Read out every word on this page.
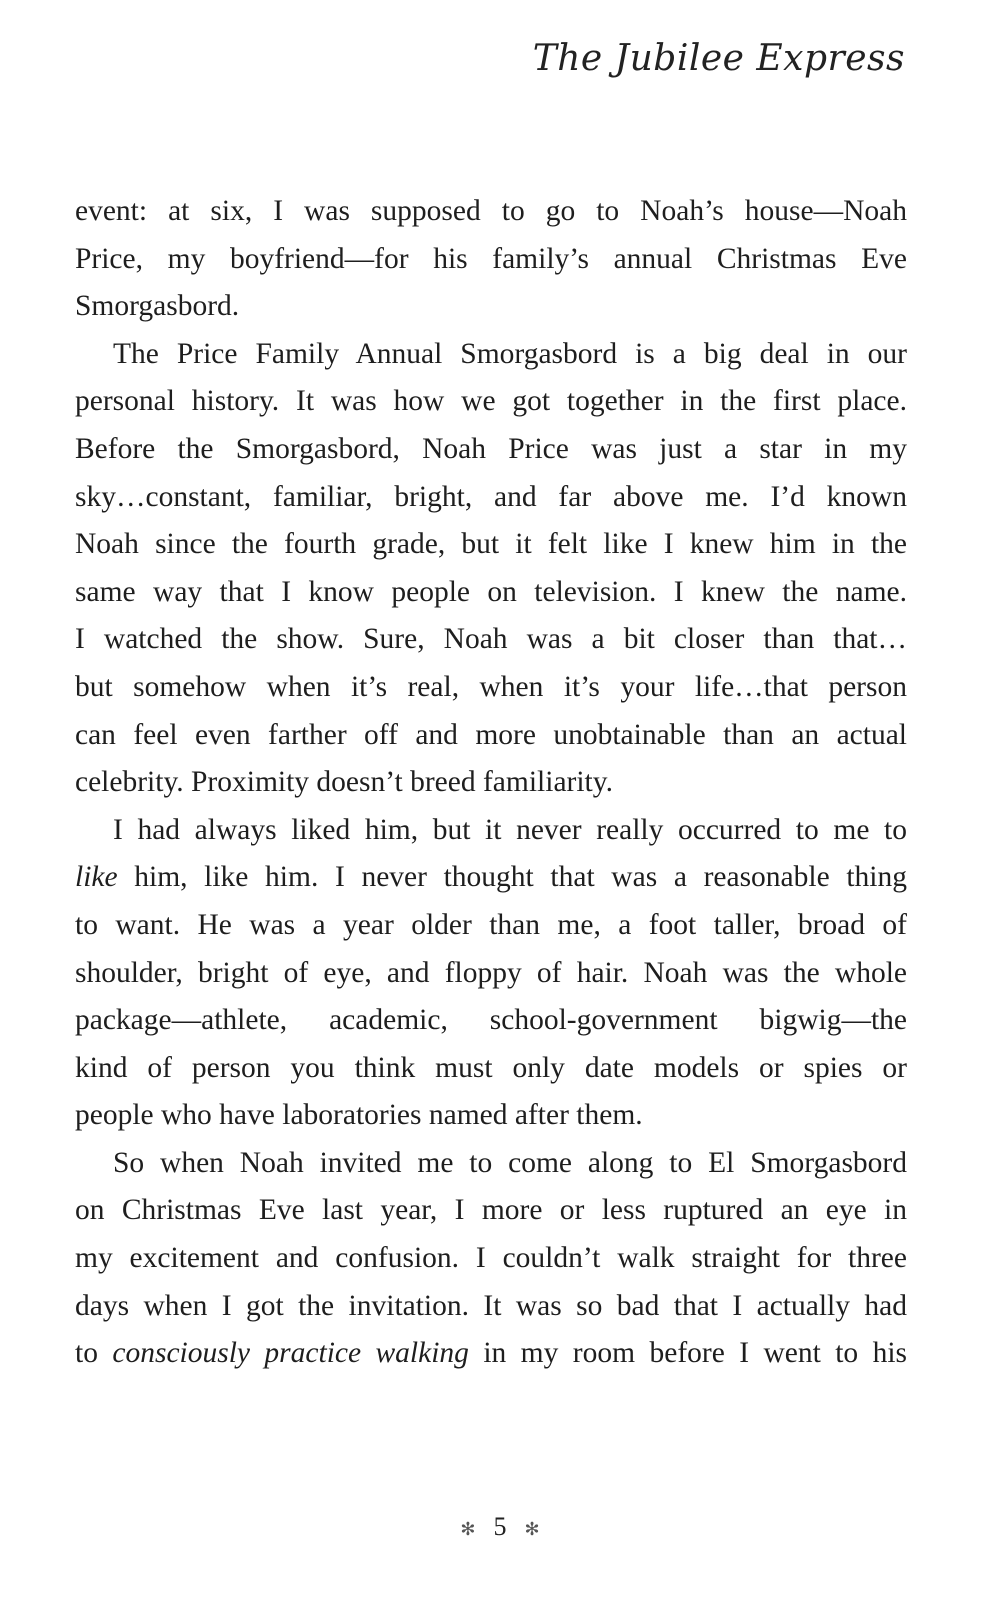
The Jubilee Express
event: at six, I was supposed to go to Noah’s house—Noah
Price, my boyfriend—for his family’s annual Christmas Eve
Smorgasbord.
The Price Family Annual Smorgasbord is a big deal in our
personal history. It was how we got together in the first place.
Before the Smorgasbord, Noah Price was just a star in my
sky…constant, familiar, bright, and far above me. I’d known
Noah since the fourth grade, but it felt like I knew him in the
same way that I know people on television. I knew the name.
I watched the show. Sure, Noah was a bit closer than that…
but somehow when it’s real, when it’s your life…that person
can feel even farther off and more unobtainable than an actual
celebrity. Proximity doesn’t breed familiarity.
I had always liked him, but it never really occurred to me to
like him, like him. I never thought that was a reasonable thing
to want. He was a year older than me, a foot taller, broad of
shoulder, bright of eye, and floppy of hair. Noah was the whole
package—athlete, academic, school-government bigwig—the
kind of person you think must only date models or spies or
people who have laboratories named after them.
So when Noah invited me to come along to El Smorgasbord
on Christmas Eve last year, I more or less ruptured an eye in
my excitement and confusion. I couldn’t walk straight for three
days when I got the invitation. It was so bad that I actually had
to consciously practice walking in my room before I went to his
✻ 5 ✻
